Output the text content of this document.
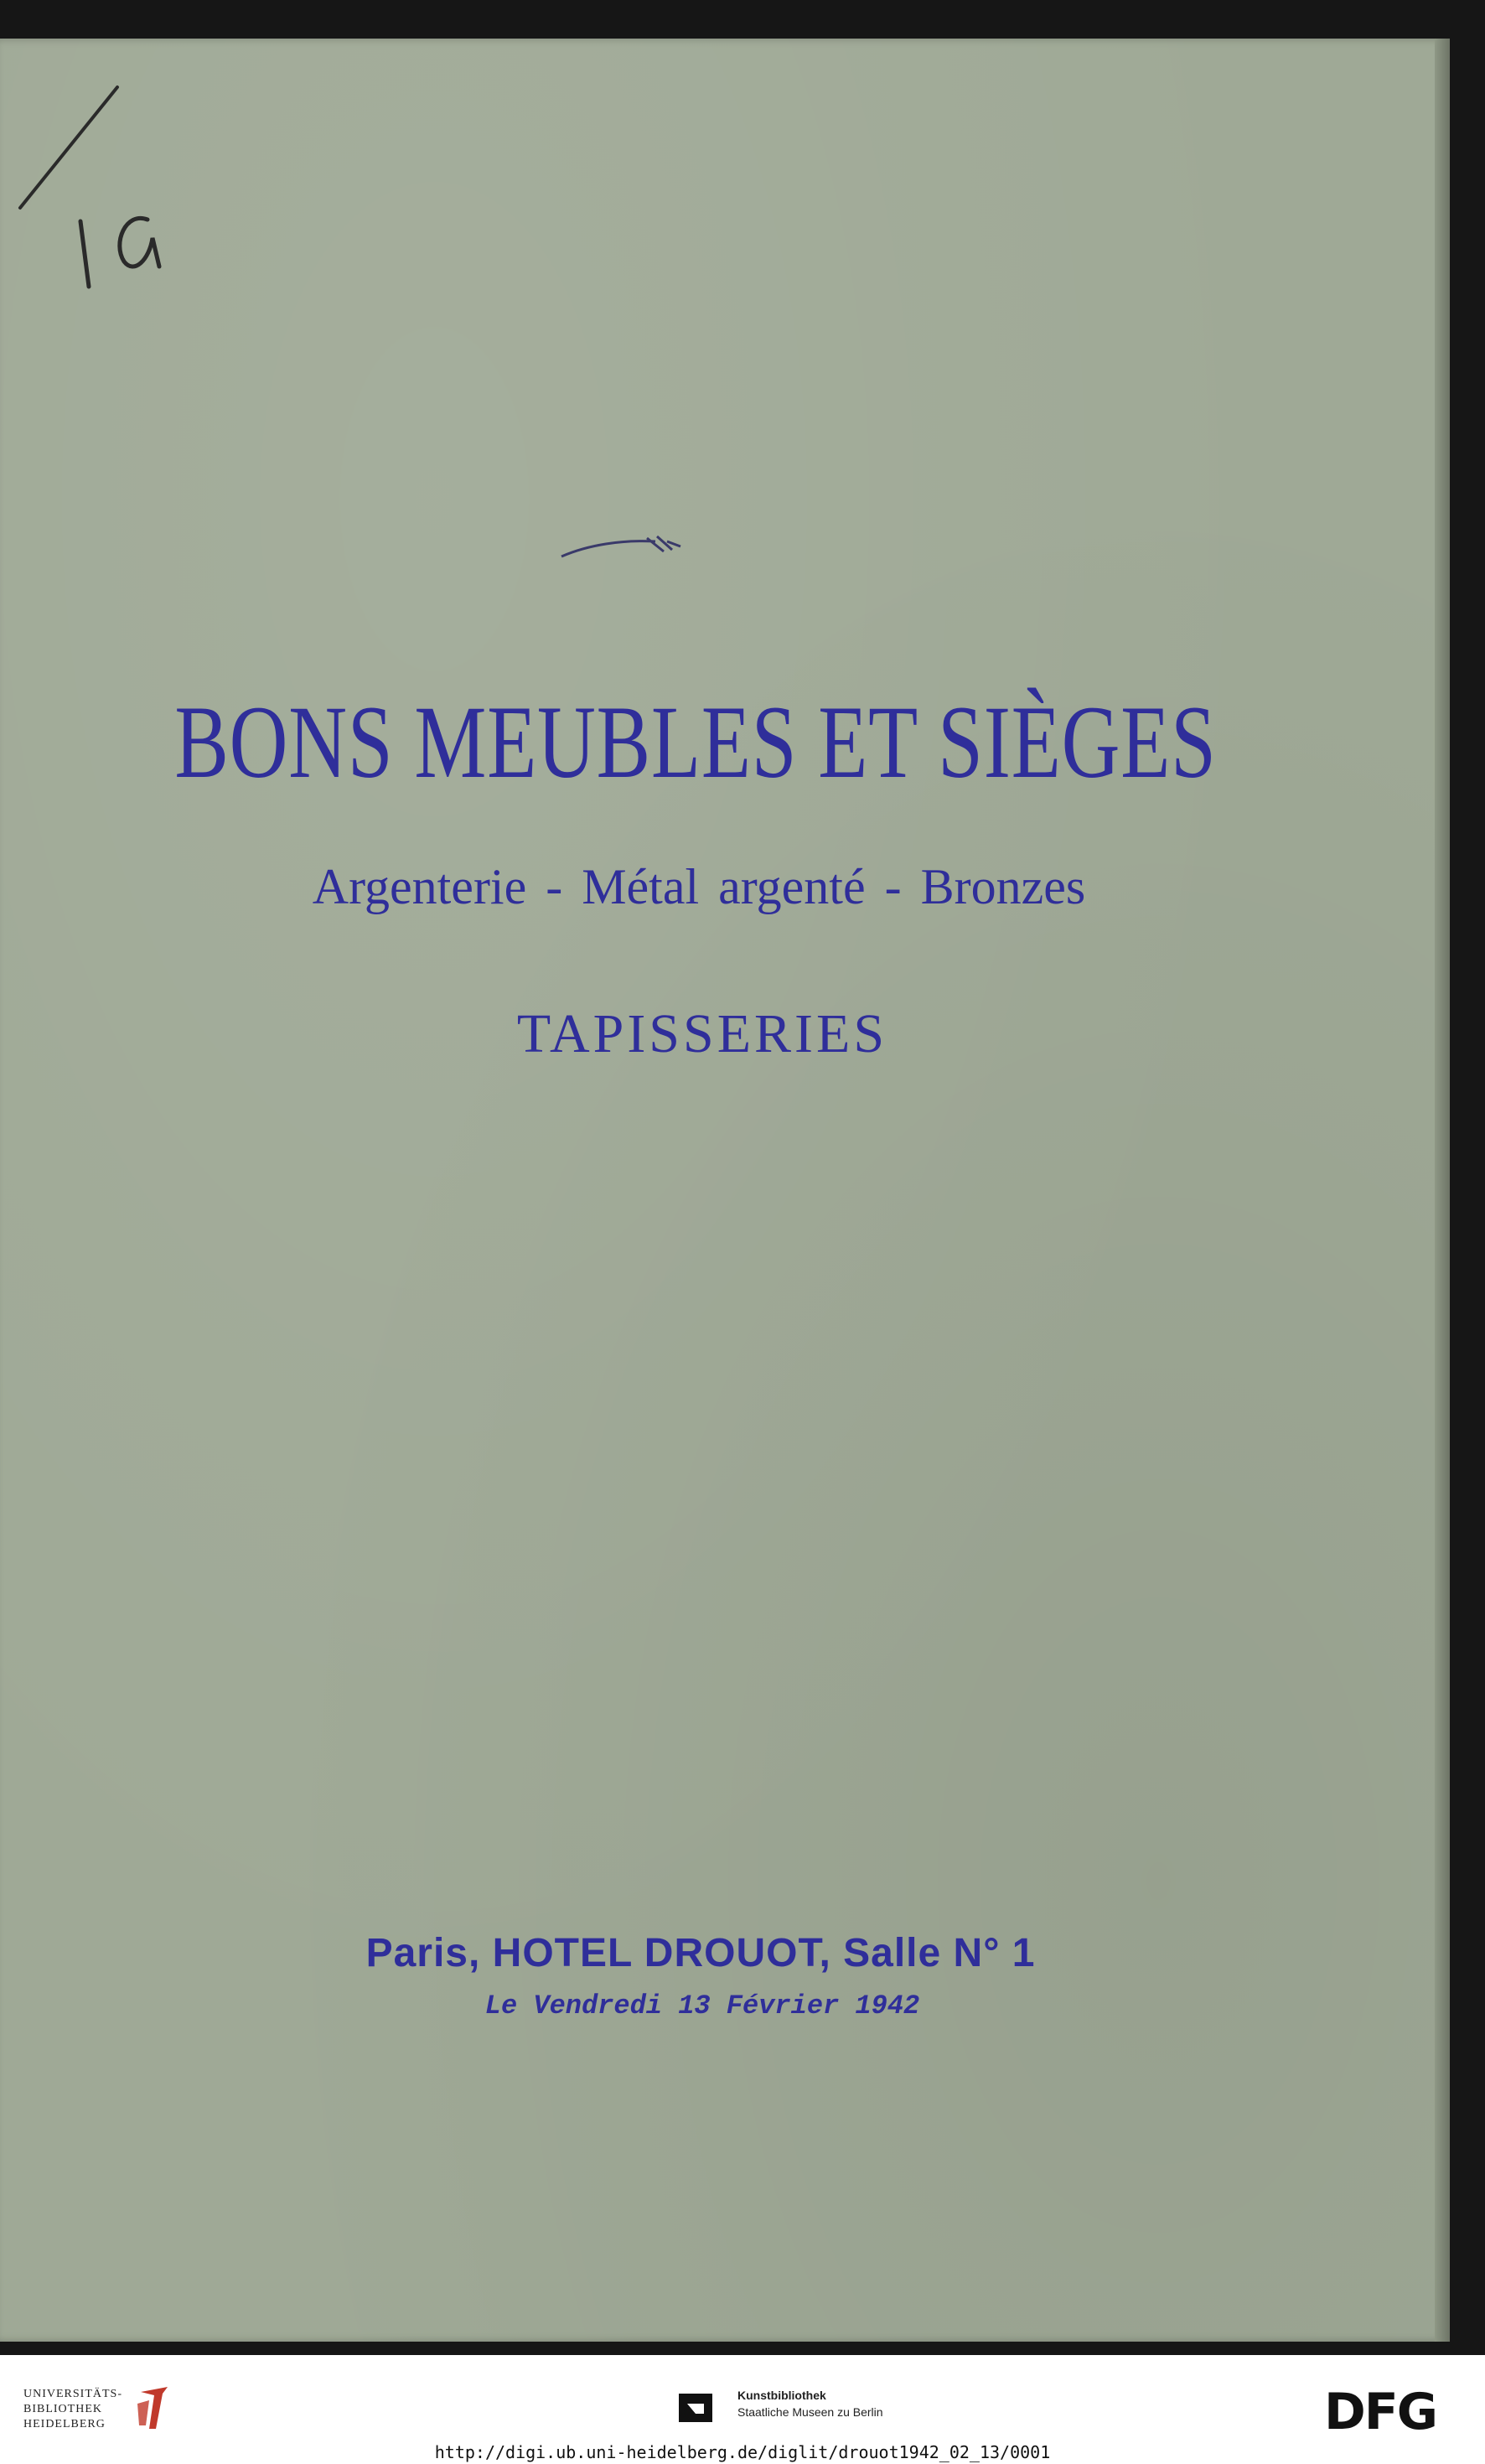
BONS MEUBLES ET SIÈGES
Argenterie - Métal argenté - Bronzes
TAPISSERIES
Paris, HOTEL DROUOT, Salle N° 1
Le Vendredi 13 Février 1942
UNIVERSITÄTS-
BIBLIOTHEK
HEIDELBERG
Kunstbibliothek
Staatliche Museen zu Berlin	DFG
http://digi.ub.uni-heidelberg.de/diglit/drouot1942_02_13/0001
